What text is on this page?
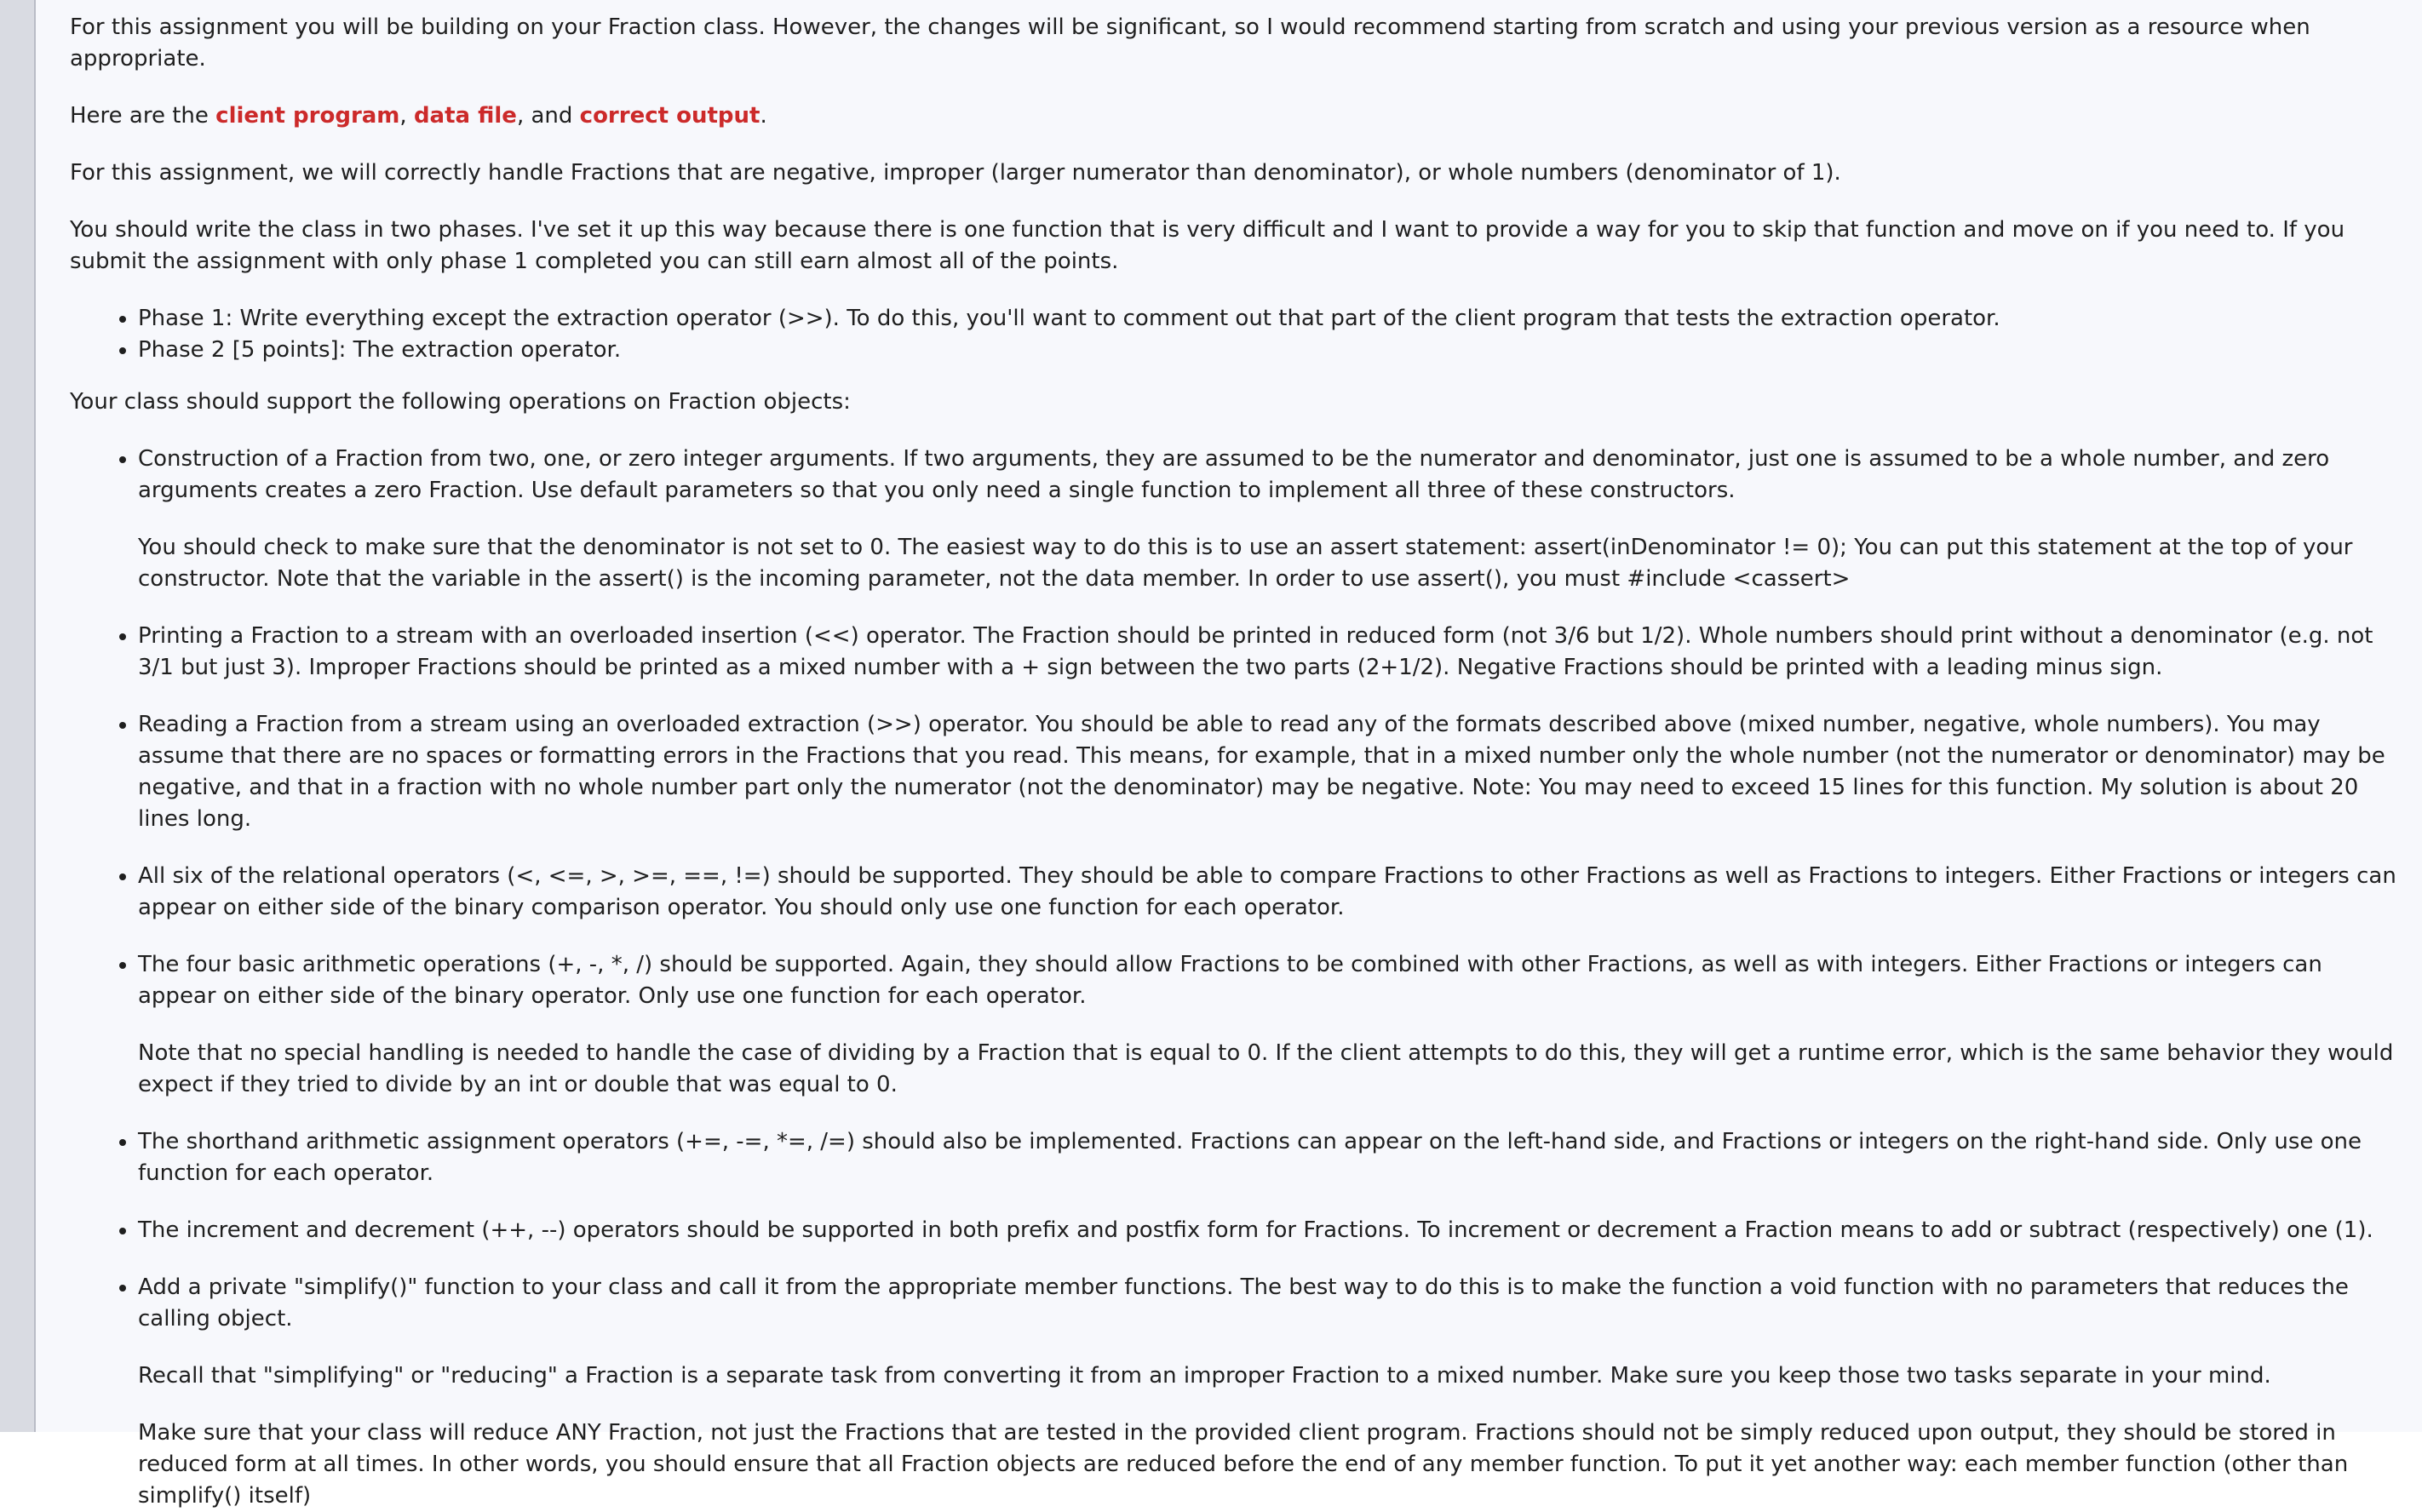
For this assignment you will be building on your Fraction class. However, the changes will be significant, so I would recommend starting from scratch and using your previous version as a resource when appropriate.

Here are the client program, data file, and correct output.

For this assignment, we will correctly handle Fractions that are negative, improper (larger numerator than denominator), or whole numbers (denominator of 1).

You should write the class in two phases. I've set it up this way because there is one function that is very difficult and I want to provide a way for you to skip that function and move on if you need to. If you submit the assignment with only phase 1 completed you can still earn almost all of the points.

• Phase 1: Write everything except the extraction operator (>>). To do this, you'll want to comment out that part of the client program that tests the extraction operator.
• Phase 2 [5 points]: The extraction operator.

Your class should support the following operations on Fraction objects:

• Construction of a Fraction from two, one, or zero integer arguments. If two arguments, they are assumed to be the numerator and denominator, just one is assumed to be a whole number, and zero arguments creates a zero Fraction. Use default parameters so that you only need a single function to implement all three of these constructors.

You should check to make sure that the denominator is not set to 0. The easiest way to do this is to use an assert statement: assert(inDenominator != 0); You can put this statement at the top of your constructor. Note that the variable in the assert() is the incoming parameter, not the data member. In order to use assert(), you must #include <cassert>

• Printing a Fraction to a stream with an overloaded insertion (<<) operator. The Fraction should be printed in reduced form (not 3/6 but 1/2). Whole numbers should print without a denominator (e.g. not 3/1 but just 3). Improper Fractions should be printed as a mixed number with a + sign between the two parts (2+1/2). Negative Fractions should be printed with a leading minus sign.
• Reading a Fraction from a stream using an overloaded extraction (>>) operator. You should be able to read any of the formats described above (mixed number, negative, whole numbers). You may assume that there are no spaces or formatting errors in the Fractions that you read. This means, for example, that in a mixed number only the whole number (not the numerator or denominator) may be negative, and that in a fraction with no whole number part only the numerator (not the denominator) may be negative. Note: You may need to exceed 15 lines for this function. My solution is about 20 lines long.
• All six of the relational operators (<, <=, >, >=, ==, !=) should be supported. They should be able to compare Fractions to other Fractions as well as Fractions to integers. Either Fractions or integers can appear on either side of the binary comparison operator. You should only use one function for each operator.
• The four basic arithmetic operations (+, -, *, /) should be supported. Again, they should allow Fractions to be combined with other Fractions, as well as with integers. Either Fractions or integers can appear on either side of the binary operator. Only use one function for each operator.

Note that no special handling is needed to handle the case of dividing by a Fraction that is equal to 0. If the client attempts to do this, they will get a runtime error, which is the same behavior they would expect if they tried to divide by an int or double that was equal to 0.

• The shorthand arithmetic assignment operators (+=, -=, *=, /=) should also be implemented. Fractions can appear on the left-hand side, and Fractions or integers on the right-hand side. Only use one function for each operator.
• The increment and decrement (++, --) operators should be supported in both prefix and postfix form for Fractions. To increment or decrement a Fraction means to add or subtract (respectively) one (1).
• Add a private "simplify()" function to your class and call it from the appropriate member functions. The best way to do this is to make the function a void function with no parameters that reduces the calling object.

Recall that "simplifying" or "reducing" a Fraction is a separate task from converting it from an improper Fraction to a mixed number. Make sure you keep those two tasks separate in your mind.

Make sure that your class will reduce ANY Fraction, not just the Fractions that are tested in the provided client program. Fractions should not be simply reduced upon output, they should be stored in reduced form at all times. In other words, you should ensure that all Fraction objects are reduced before the end of any member function. To put it yet another way: each member function (other than simplify() itself)
